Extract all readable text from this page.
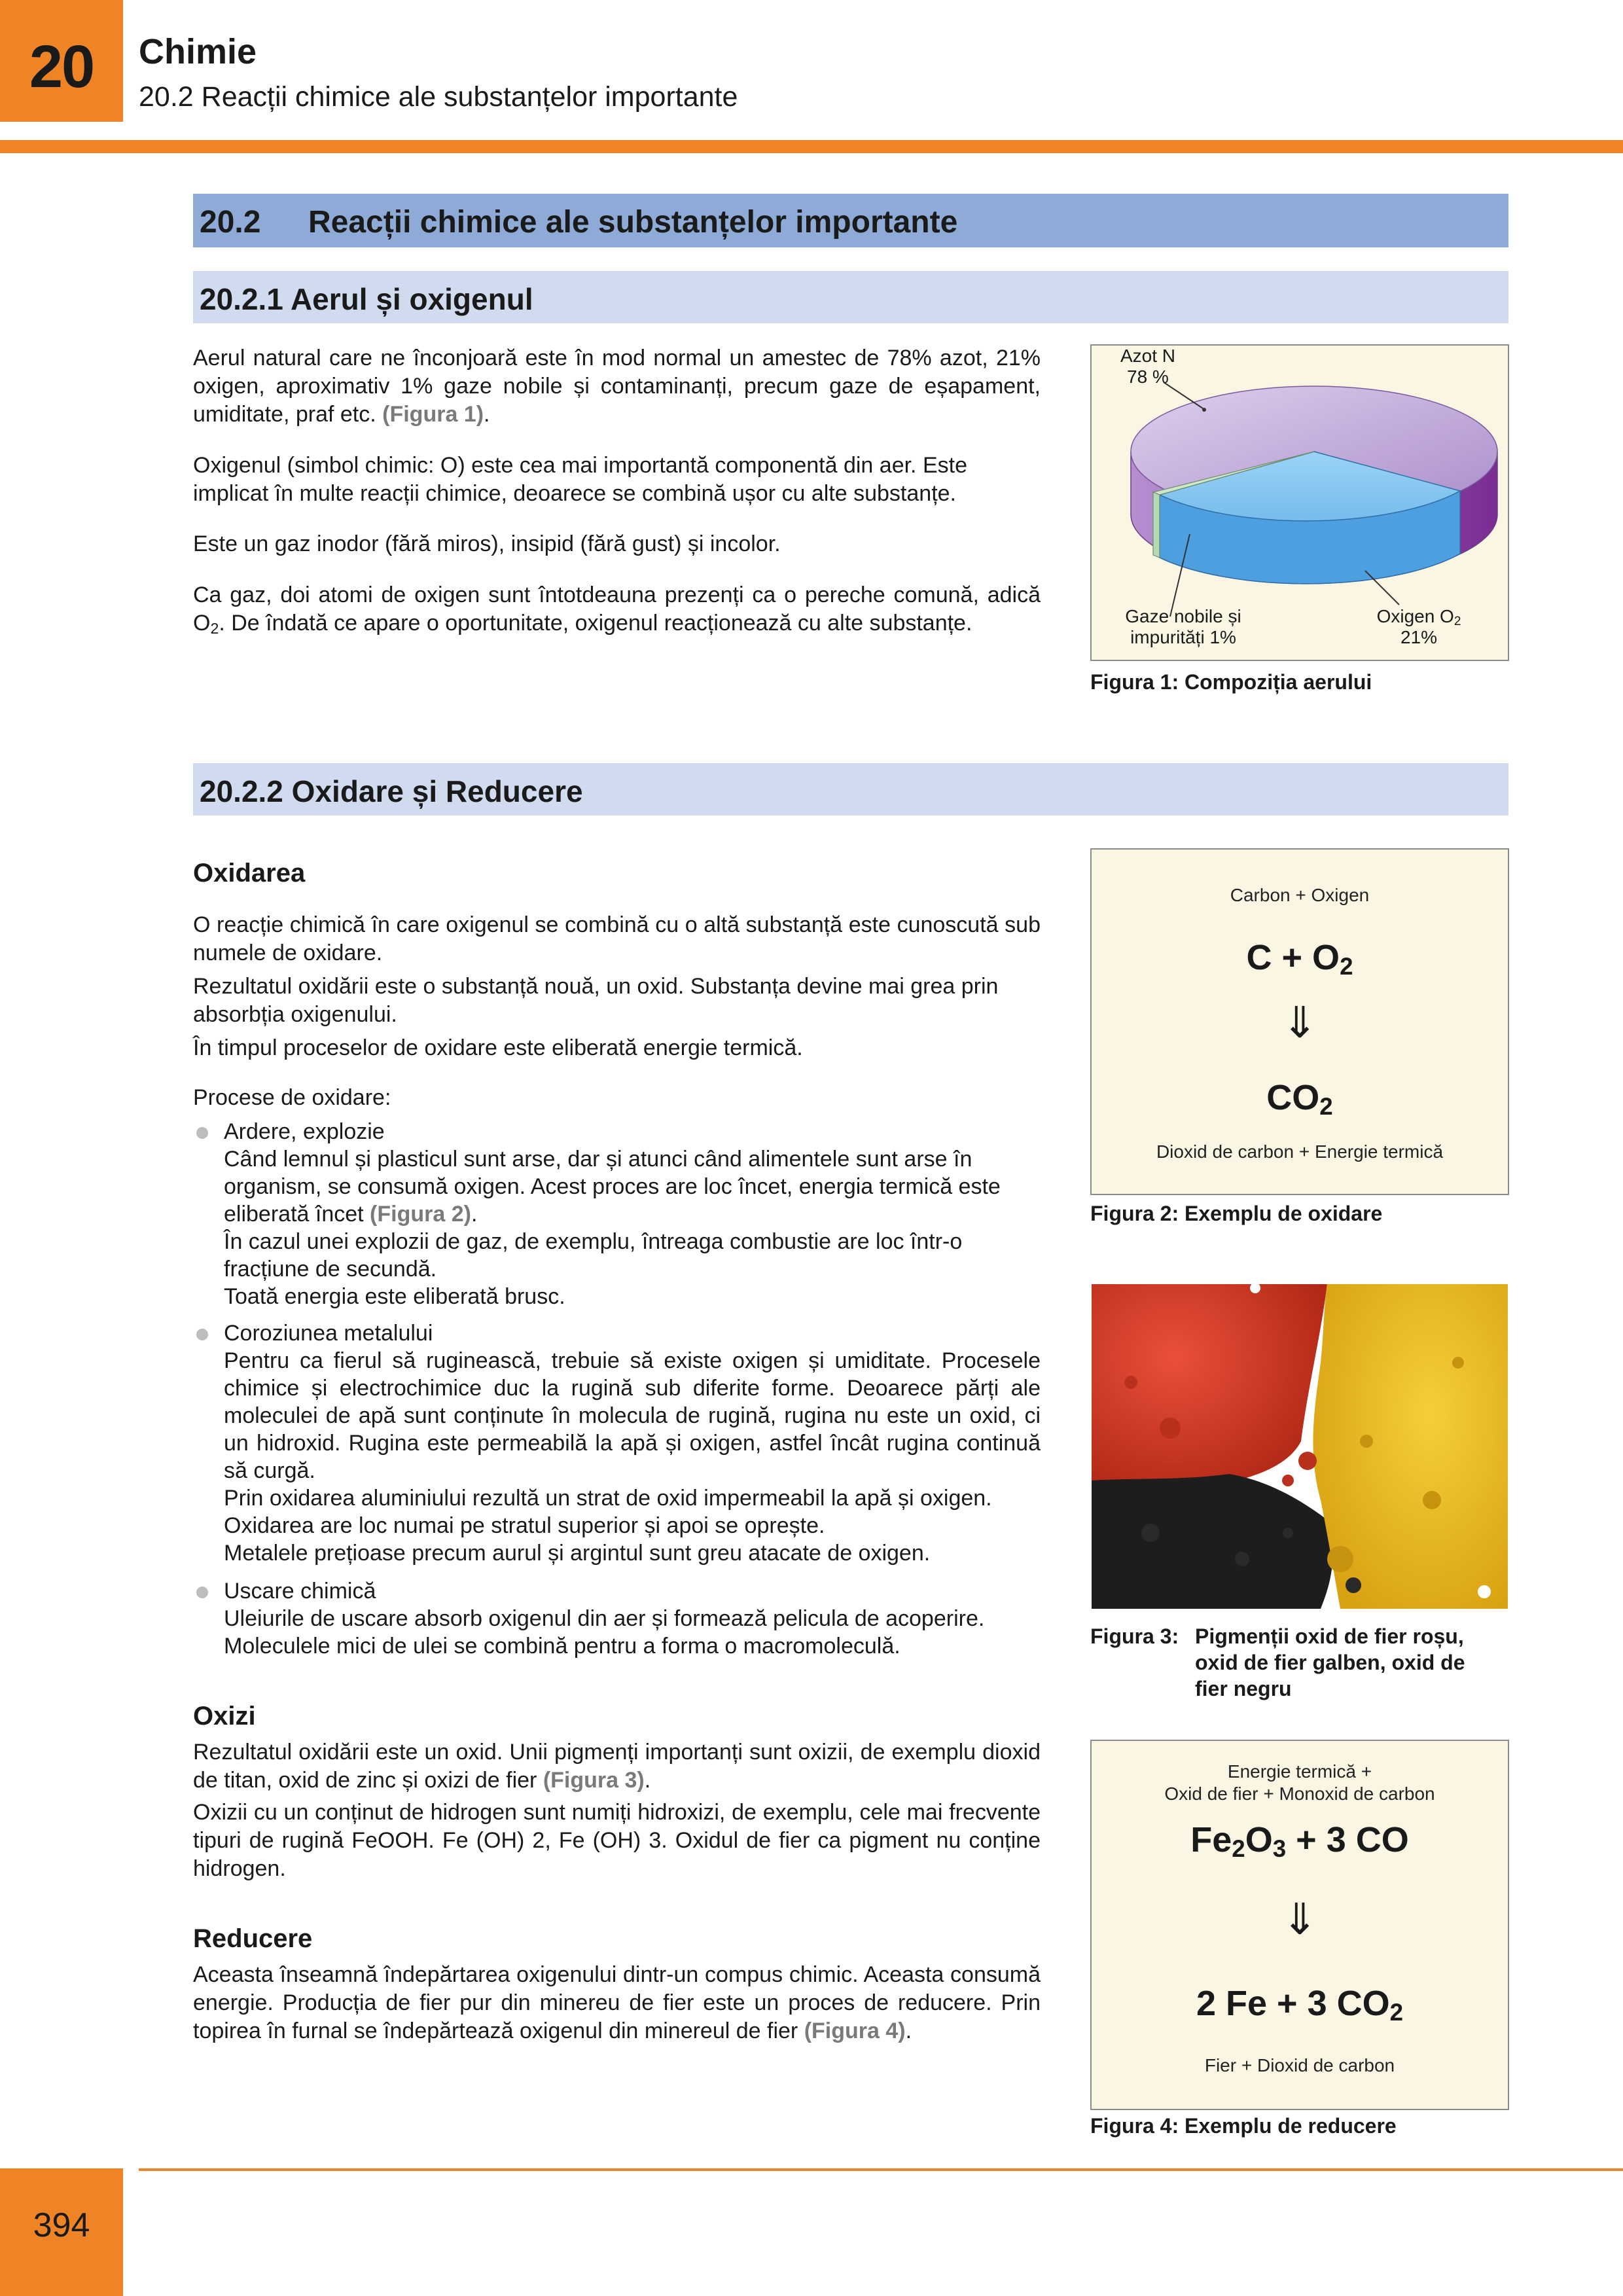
20	Chimie
20.2 Reacții chimice ale substanțelor importante
20.2 Reacții chimice ale substanțelor importante
20.2.1 Aerul și oxigenul
Aerul natural care ne înconjoară este în mod normal un amestec de 78% azot, 21% oxigen, aproximativ 1% gaze nobile și contaminanți, precum gaze de eșapament, umiditate, praf etc. (Figura 1).
Oxigenul (simbol chimic: O) este cea mai importantă componentă din aer. Este implicat în multe reacții chimice, deoarece se combină ușor cu alte substanțe.
Este un gaz inodor (fără miros), insipid (fără gust) și incolor.
Ca gaz, doi atomi de oxigen sunt întotdeauna prezenți ca o pereche comună, adică $O_2$. De îndată ce apare o oportunitate, oxigenul reacționează cu alte substanțe.
Azot N
78 %
Gaze nobile și
impurități 1%
Oxigen $O_2$
21%
Figura 1: Compoziția aerului
20.2.2 Oxidare și Reducere
Oxidarea
O reacție chimică în care oxigenul se combină cu o altă substanță este cunoscută sub numele de oxidare.
Rezultatul oxidării este o substanță nouă, un oxid. Substanța devine mai grea prin absorbția oxigenului.
În timpul proceselor de oxidare este eliberată energie termică.
Procese de oxidare:
Ardere, explozie
Când lemnul și plasticul sunt arse, dar și atunci când alimentele sunt arse în organism, se consumă oxigen. Acest proces are loc încet, energia termică este eliberată încet (Figura 2).
În cazul unei explozii de gaz, de exemplu, întreaga combustie are loc într-o fracțiune de secundă.
Toată energia este eliberată brusc.
Coroziunea metalului
Pentru ca fierul să ruginească, trebuie să existe oxigen și umiditate. Procesele chimice și electrochimice duc la rugină sub diferite forme. Deoarece părți ale moleculei de apă sunt conținute în molecula de rugină, rugina nu este un oxid, ci un hidroxid. Rugina este permeabilă la apă și oxigen, astfel încât rugina continuă să curgă.
Prin oxidarea aluminiului rezultă un strat de oxid impermeabil la apă și oxigen.
Oxidarea are loc numai pe stratul superior și apoi se oprește.
Metalele prețioase precum aurul și argintul sunt greu atacate de oxigen.
Uscare chimică
Uleiurile de uscare absorb oxigenul din aer și formează pelicula de acoperire.
Moleculele mici de ulei se combină pentru a forma o macromoleculă.
Oxizi
Rezultatul oxidării este un oxid. Unii pigmenți importanți sunt oxizii, de exemplu dioxid de titan, oxid de zinc și oxizi de fier (Figura 3).
Oxizii cu un conținut de hidrogen sunt numiți hidroxizi, de exemplu, cele mai frecvente tipuri de rugină FeOOH. Fe (OH) 2, Fe (OH) 3. Oxidul de fier ca pigment nu conține hidrogen.
Reducere
Aceasta înseamnă îndepărtarea oxigenului dintr-un compus chimic. Aceasta consumă energie. Producția de fier pur din minereu de fier este un proces de reducere. Prin topirea în furnal se îndepărtează oxigenul din minereul de fier (Figura 4).
Carbon + Oxigen
$C + O_2$
⇓
$CO_2$
Dioxid de carbon + Energie termică
Figura 2: Exemplu de oxidare
Figura 3: Pigmenții oxid de fier roșu,
oxid de fier galben, oxid de
fier negru
Energie termică +
Oxid de fier + Monoxid de carbon
$Fe_2O_3 + 3$ CO
⇓
2 Fe + 3 $CO_2$
Fier + Dioxid de carbon
Figura 4: Exemplu de reducere
394
